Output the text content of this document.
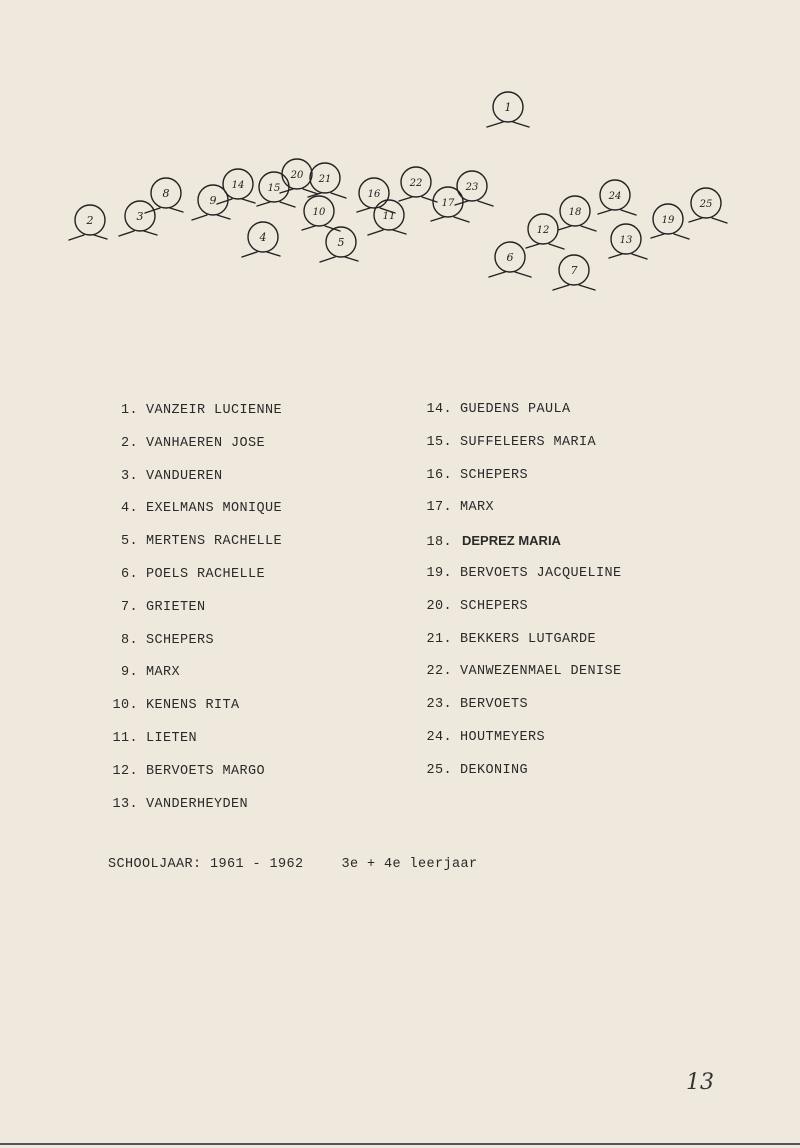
1
2	3
8
9
14 15
20 21
4
10
5
16
11
22
17
23
6
12
18
24
7
13
19
25
1. VANZEIR LUCIENNE
2. VANHAEREN JOSE
3. VANDUEREN
4. EXELMANS MONIQUE
5. MERTENS RACHELLE
6. POELS RACHELLE
7. GRIETEN
8. SCHEPERS
9. MARX
10. KENENS RITA
11. LIETEN
12. BERVOETS MARGO
13. VANDERHEYDEN
14. GUEDENS PAULA
15. SUFFELEERS MARIA
16. SCHEPERS
17. MARX
18. DEPREZ MARIA
19. BERVOETS JACQUELINE
20. SCHEPERS
21. BEKKERS LUTGARDE
22. VANWEZENMAEL DENISE
23. BERVOETS
24. HOUTMEYERS
25. DEKONING
SCHOOLJAAR: 1961 - 1962	3e + 4e leerjaar
13
